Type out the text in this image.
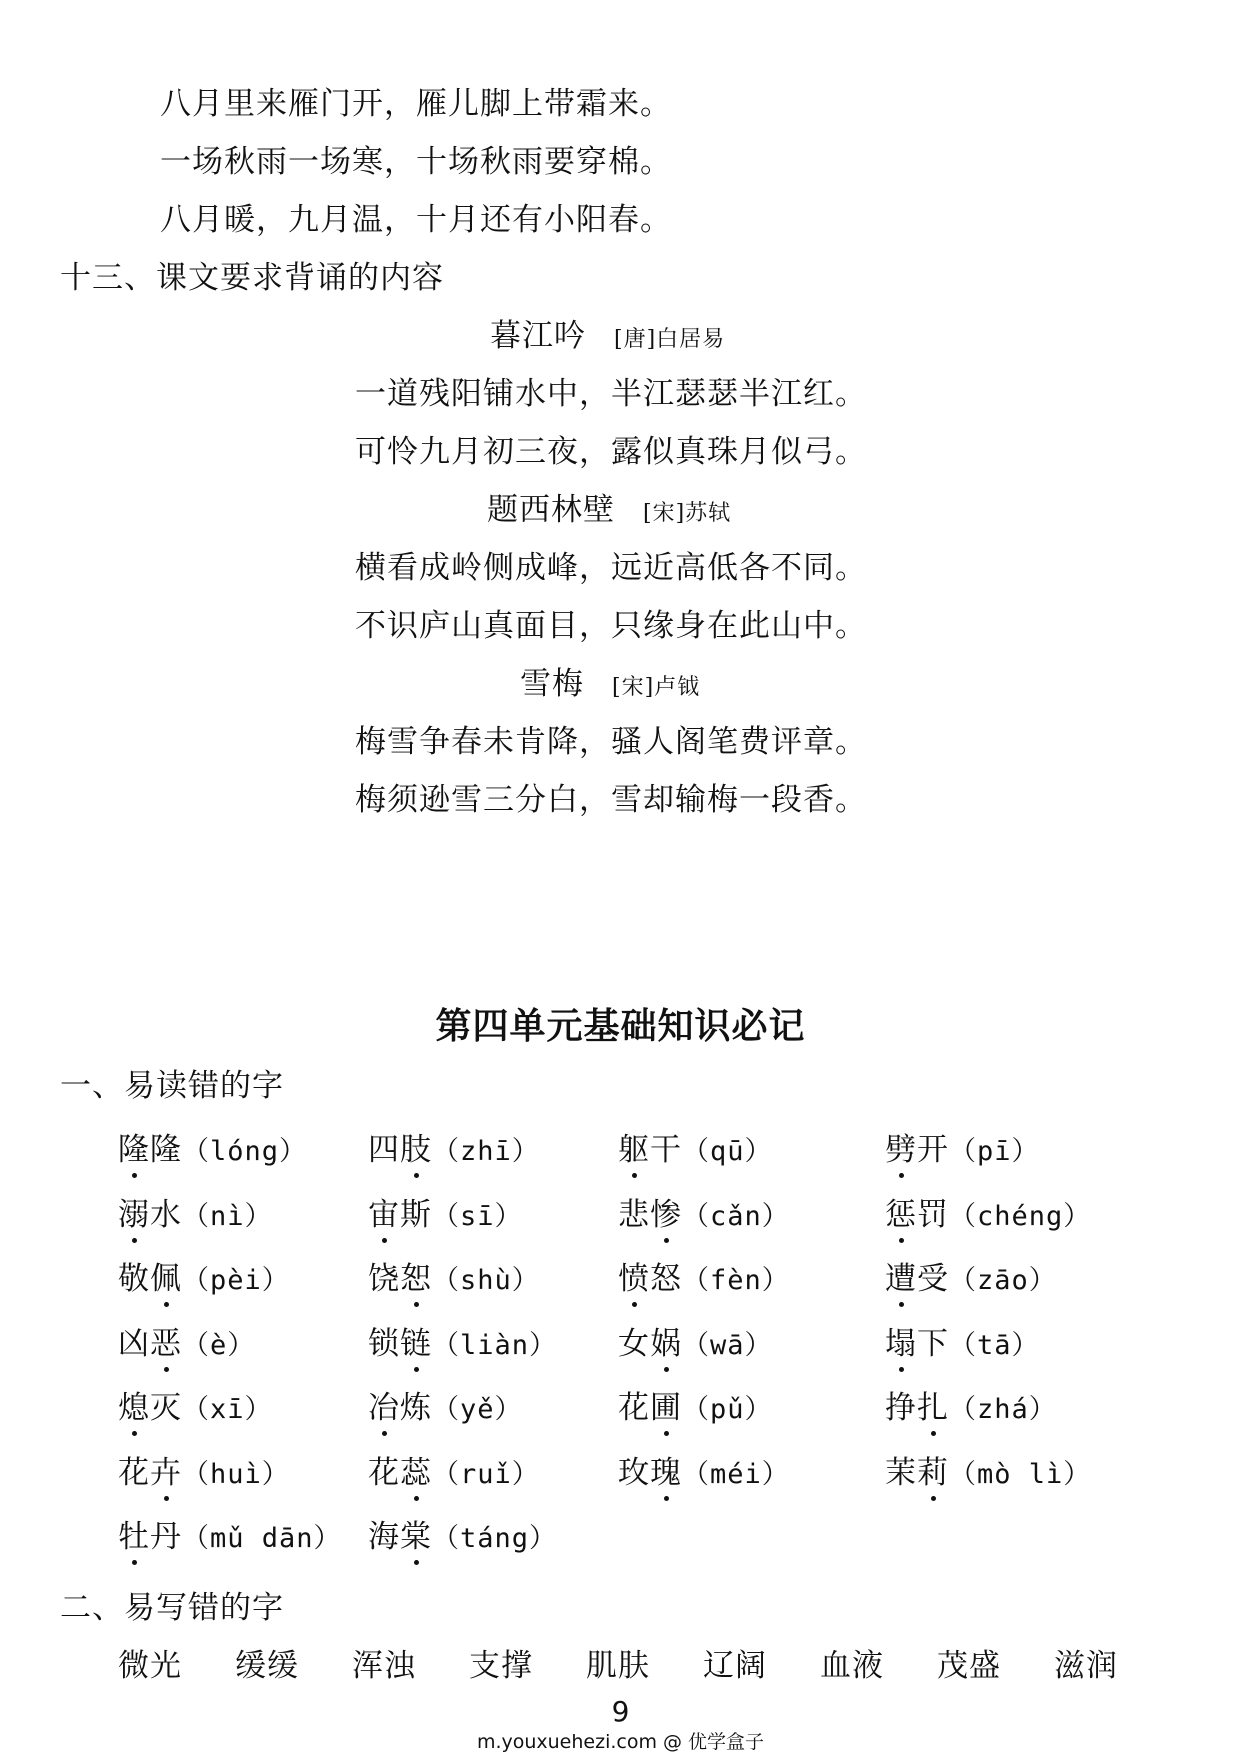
八月里来雁门开，雁儿脚上带霜来。
一场秋雨一场寒，十场秋雨要穿棉。
八月暖，九月温，十月还有小阳春。
十三、课文要求背诵的内容
暮江吟 [唐]白居易
一道残阳铺水中，半江瑟瑟半江红。
可怜九月初三夜，露似真珠月似弓。
题西林壁 [宋]苏轼
横看成岭侧成峰，远近高低各不同。
不识庐山真面目，只缘身在此山中。
雪梅 [宋]卢钺
梅雪争春未肯降，骚人阁笔费评章。
梅须逊雪三分白，雪却输梅一段香。
第四单元基础知识必记
一、易读错的字
隆隆（lóng） 四肢（zhī）	躯干（qū）	劈开（pī）
溺水（nì）	宙斯（sī）	悲惨（cǎn）	惩罚（chéng）
敬佩（pèi）	饶恕（shù）	愤怒（fèn）	遭受（zāo）
凶恶（è）	锁链（liàn） 女娲（wā）	塌下（tā）
熄灭（xī）	冶炼（yě）	花圃（pǔ）	挣扎（zhá）
花卉（huì）	花蕊（ruǐ）	玫瑰（méi）	茉莉（mò lì）
牡丹（mǔ dān） 海棠（táng）
二、易写错的字
微光 缓缓 浑浊 支撑 肌肤 辽阔 血液 茂盛 滋润
9
m.youxuehezi.com @ 优学盒子
